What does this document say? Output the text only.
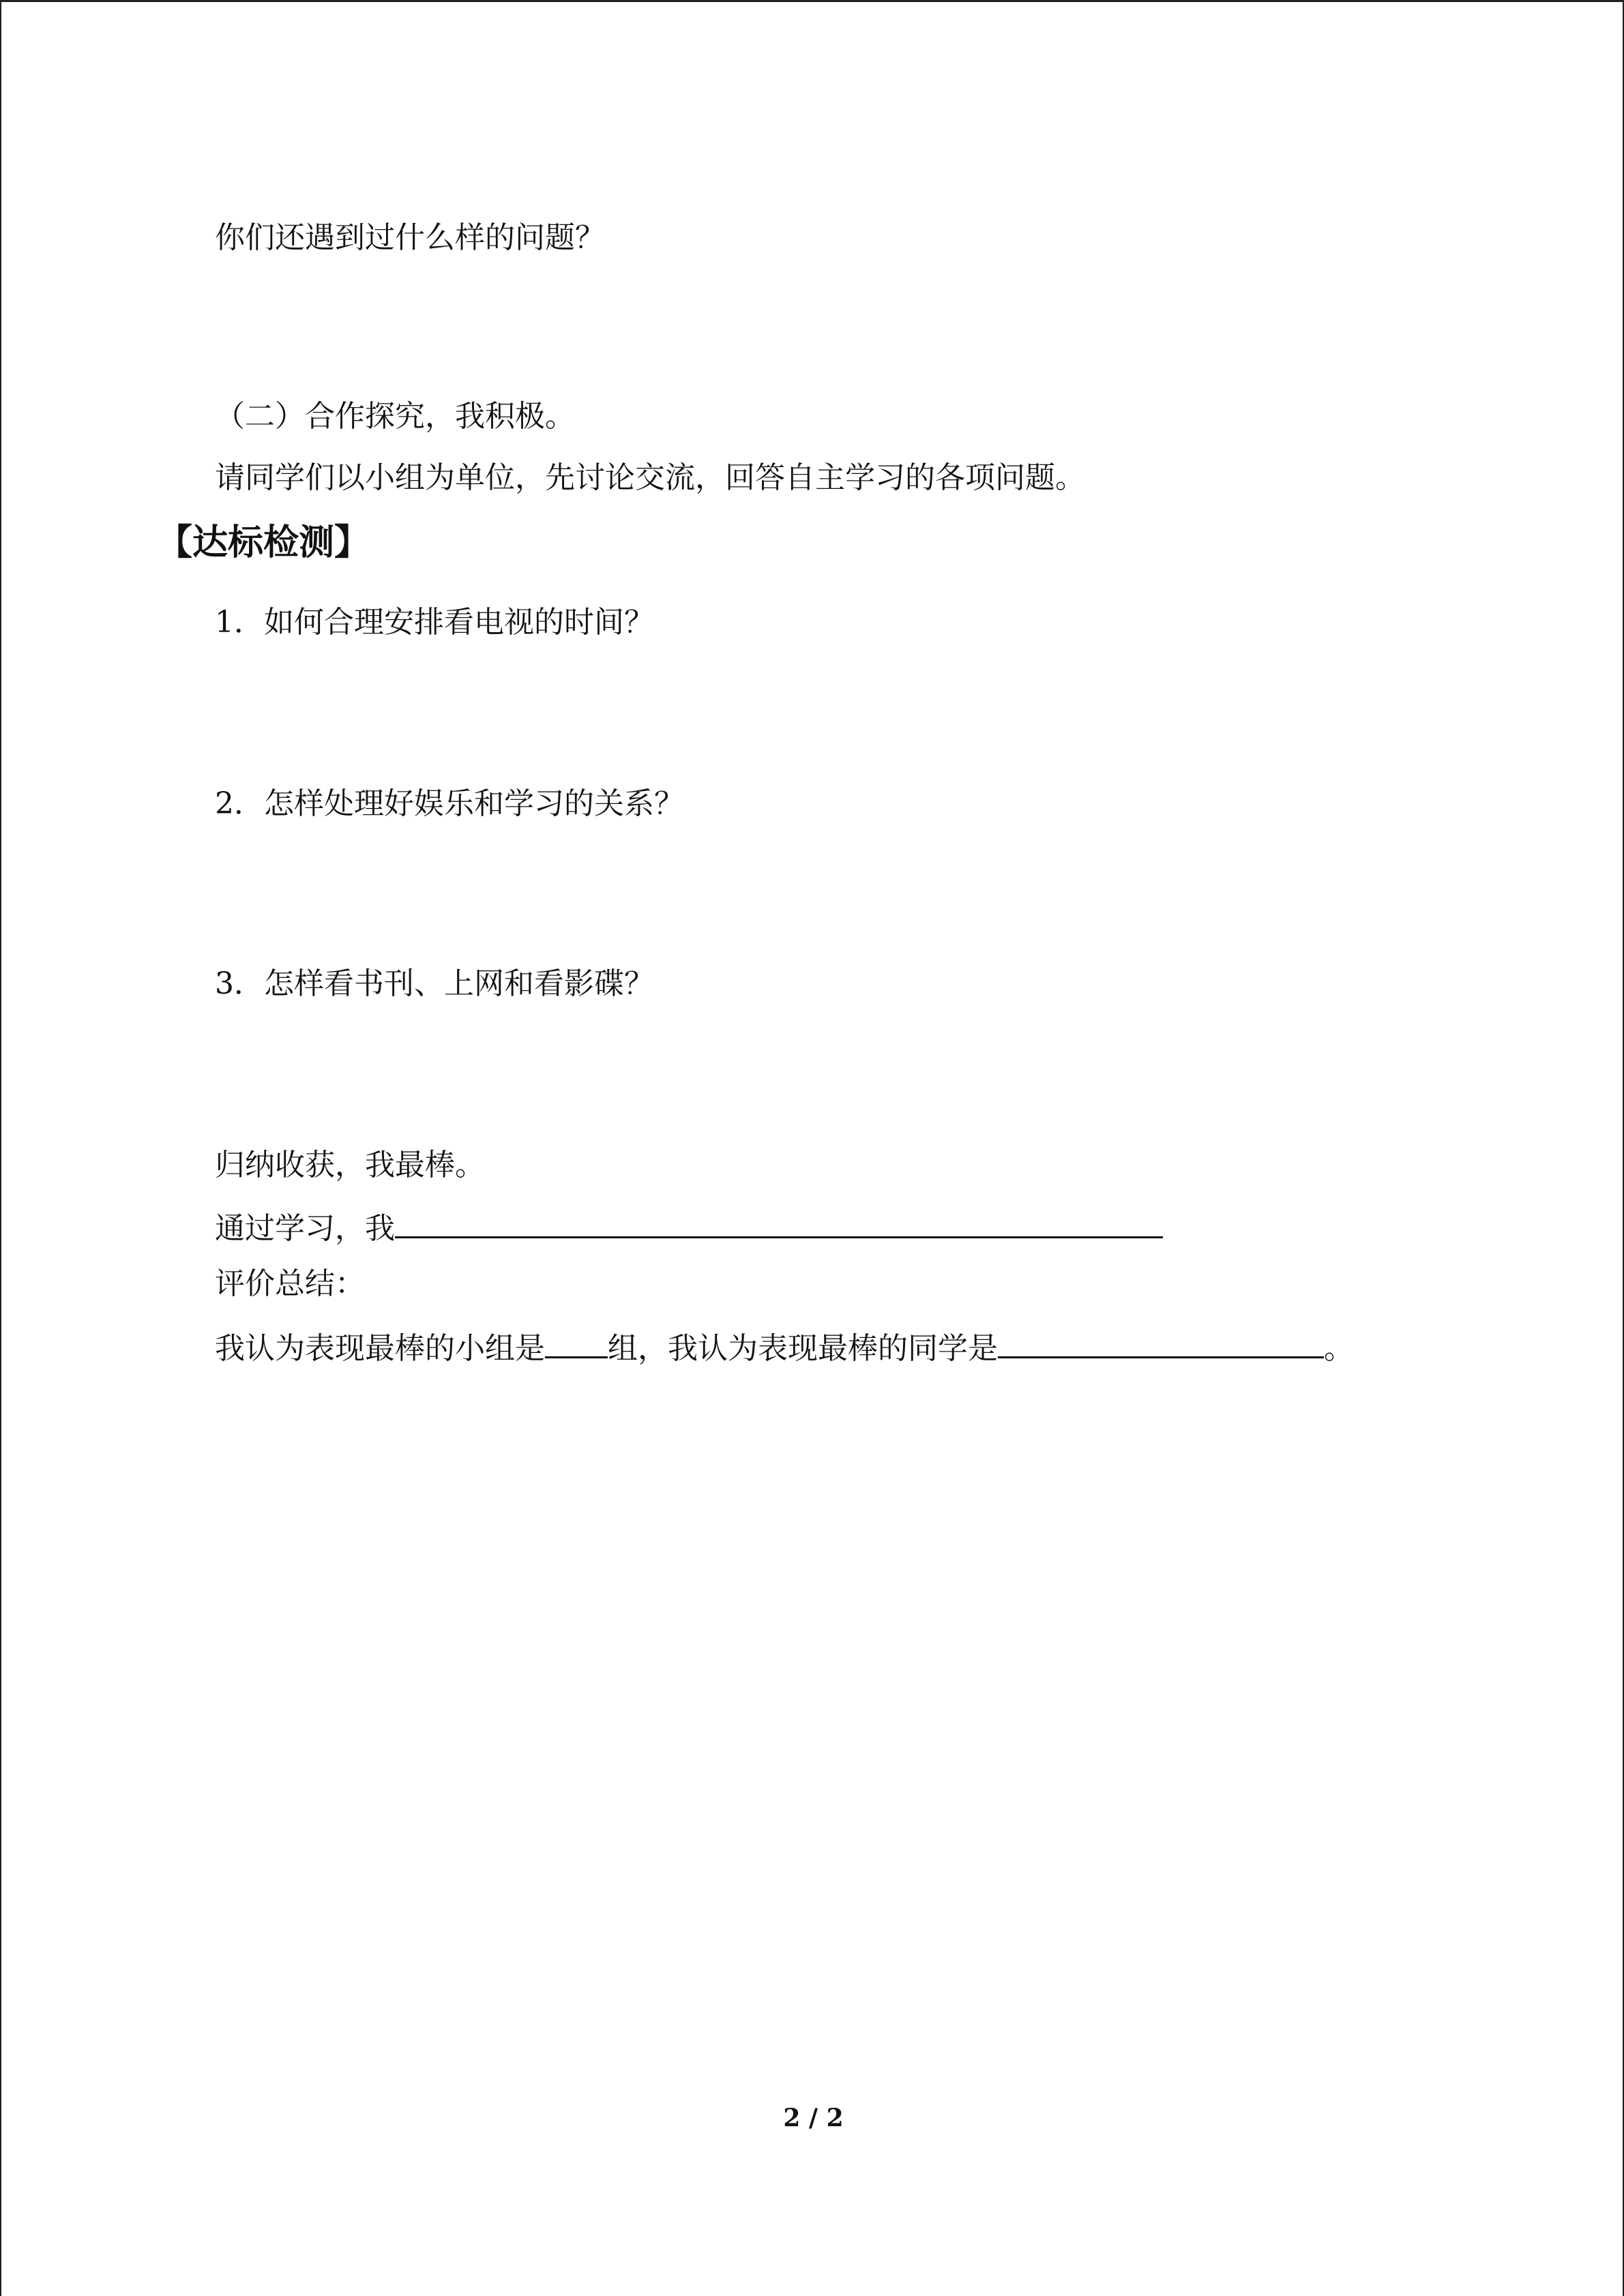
你们还遇到过什么样的问题？
（二）合作探究，我积极。
请同学们以小组为单位，先讨论交流，回答自主学习的各项问题。
【达标检测】
1．如何合理安排看电视的时间？
2．怎样处理好娱乐和学习的关系？
3．怎样看书刊、上网和看影碟？
归纳收获，我最棒。
通过学习，我
评价总结：
我认为表现最棒的小组是 组，我认为表现最棒的同学是	。
2 / 2
